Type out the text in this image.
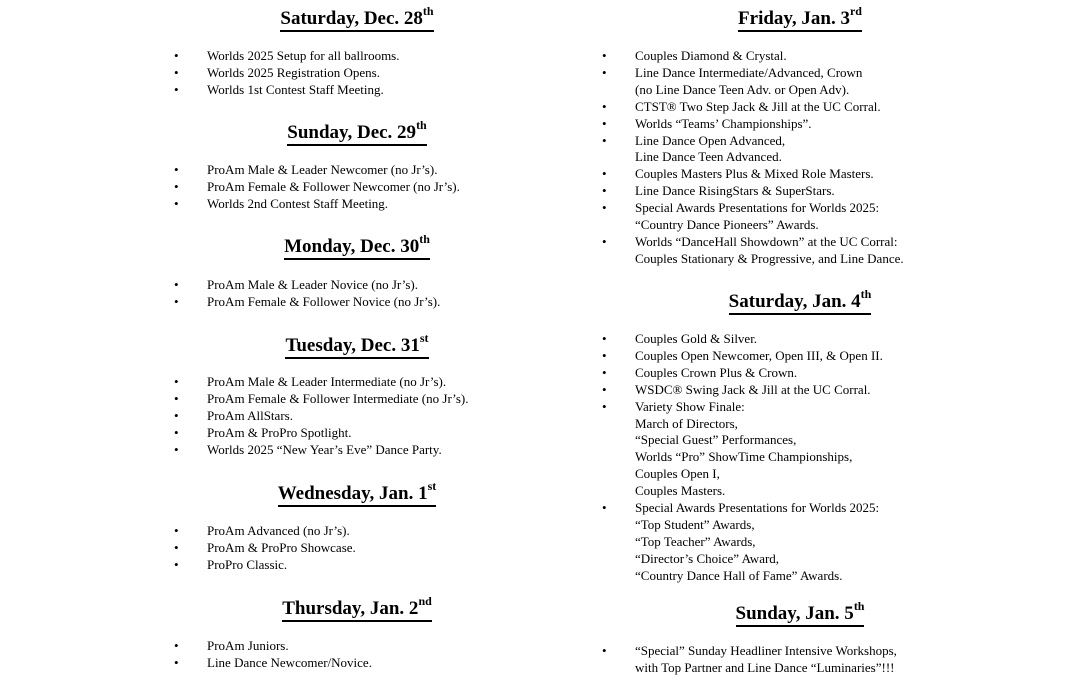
Saturday, Dec. 28th
• Worlds 2025 Setup for all ballrooms.
• Worlds 2025 Registration Opens.
• Worlds 1st Contest Staff Meeting.
Sunday, Dec. 29th
• ProAm Male & Leader Newcomer (no Jr’s).
• ProAm Female & Follower Newcomer (no Jr’s).
• Worlds 2nd Contest Staff Meeting.
Monday, Dec. 30th
• ProAm Male & Leader Novice (no Jr’s).
• ProAm Female & Follower Novice (no Jr’s).
Tuesday, Dec. 31st
• ProAm Male & Leader Intermediate (no Jr’s).
• ProAm Female & Follower Intermediate (no Jr’s).
• ProAm AllStars.
• ProAm & ProPro Spotlight.
• Worlds 2025 “New Year’s Eve” Dance Party.
Wednesday, Jan. 1st
• ProAm Advanced (no Jr’s).
• ProAm & ProPro Showcase.
• ProPro Classic.
Thursday, Jan. 2nd
• ProAm Juniors.
• Line Dance Newcomer/Novice.
Friday, Jan. 3rd
• Couples Diamond & Crystal.
• Line Dance Intermediate/Advanced, Crown
(no Line Dance Teen Adv. or Open Adv).
• CTST® Two Step Jack & Jill at the UC Corral.
• Worlds “Teams’ Championships”.
• Line Dance Open Advanced,
Line Dance Teen Advanced.
• Couples Masters Plus & Mixed Role Masters.
• Line Dance RisingStars & SuperStars.
• Special Awards Presentations for Worlds 2025:
“Country Dance Pioneers” Awards.
• Worlds “DanceHall Showdown” at the UC Corral:
Couples Stationary & Progressive, and Line Dance.
Saturday, Jan. 4th
• Couples Gold & Silver.
• Couples Open Newcomer, Open III, & Open II.
• Couples Crown Plus & Crown.
• WSDC® Swing Jack & Jill at the UC Corral.
• Variety Show Finale:
March of Directors,
“Special Guest” Performances,
Worlds “Pro” ShowTime Championships,
Couples Open I,
Couples Masters.
• Special Awards Presentations for Worlds 2025:
“Top Student” Awards,
“Top Teacher” Awards,
“Director’s Choice” Award,
“Country Dance Hall of Fame” Awards.
Sunday, Jan. 5th
• “Special” Sunday Headliner Intensive Workshops,
with Top Partner and Line Dance “Luminaries”!!!
